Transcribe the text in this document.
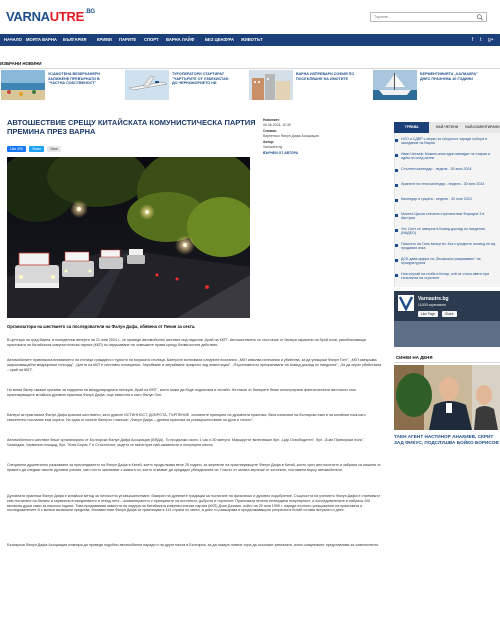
$VARNAUTRE^{.BG}$
Търсене...
НАЧАЛО МОЯТА ВАРНА БЪЛГАРИЯ	КРИМИ ПАРИТЕ СПОРТ ВАРНА ЛАЙФ	БЕЗ ЦЕНЗУРА ЖИВОТЪТ	f t g+
ИЗБРАНИ НОВИНИ
УСАМОТЕНА ВЕЗЕРКАНЕРН ЗАЛИЖЕНЕ ПРЕВЪРНАТИ В "ЧАСТНА СОБСТВЕНОСТ"
ТУРОПЕРАТОРИ СТАРТИРАТ "ЧАРТЪРИТЕ ОТ УЗБЕКИСТАН ДО ЧЕРНОМОРИЕТО НИ
ВАРНА ИЗПРЕВАРИ СОФИЯ ПО ПОСКЪПВАНЕ НА ИМОТИТЕ
БЕРМЕНТИНИЯТА „КАЛИАКРА" ДНЕС ПРАЗНУВА 40 ГОДИНИ
АВТОШЕСТВИЕ СРЕЩУ КИТАЙСКАТА КОМУНИСТИЧЕСКА ПАРТИЯ ПРЕМИНА ПРЕЗ ВАРНА
Like 20K	Share	Save
Новините
06-06-2024, 10:30
Снимка:
Варненско Фалун Дафа Асоциация
Автор:
Varnautre.bg
ВЪРНЕИ ОТ АВТОРА
Организатори на шествието са последователи на Фалун Дафа, обявена от Пекин за секта.

В центъра на град Варна, в понеделник вечерта на 21 юни 2024 г., се проведе автомобилно шествие под надслов „Край на ККП". Автошествието се състоеше от банери окрасени на брой коли, разобличаващи практиката на Китайската комунистическа партия (ККП) за нарушаване на човешките права срещу безмилостни действия.

Автомобилите привлякоха вниманието на стотици граждани и туристи на морската столица. Банерите включваха следните послания: „ККП изволва изтезания и убийства, за да унищожи Фалун Гонг", „ККП извършва широкомащабни медицински геноцид", „Целта на ККП е системно похищение. Заробване и затрийване прикрито зад инвестиции", „Пърпложеното прекратяване на Комид доклад по наедения", „За да спрат убийствата – край на ККП".

На всеки банер имаше призиви за подкрепа на международната петиция „Край на ККП", която може да бъде подписана и онлайн. На някои от банерите беше илюстрирана фантастичната жестокост към практикуващите китайска духовна практика Фалун Дафа, още известна и като Фалун Гонг.

Банери за практиката Фалун Дафа красяха шествието, като думите ИСТИННОСТ, ДОБРОТА, ТЪРПЕНИЕ, основните принципи на духовната практика, бяха изписани на български език и на китайски език като свисетелно послание към хората. На една от колите балерът гласеше: „Фалун Дафа – древна практика за усъвършенстване на духа и тялото".

Автомобилното шествие беше организирано от Българска Фалун Дафа Асоциация (БФДА). То продължи около 1 час и 30 минути. Маршрутът включваше бул. „Цар Освободител", бул. „8-ми Приморски полк", Чаталджа, Червения площад, бул. "Княз Борис I" и Стъклотосп, където се мина през най-оживените и популярни места.

Специални душевтално разказване за преследването на Фалун Дафа в Китай, което продължава вече 25 години, за жертвите на практикуващите Фалун Дафа в Китай, които чрез жестокостите и забрани са пишени от правото да следват своите духовни учения, като често запланват с живота си, които отказват да предадат убежденията си. Гласът от залата звучеше от колоните, поставени върху автомобилите.

Духовната практика Фалун Дафа е китайски метод за личностно усъвършенстване, базиран на древните традиции за постигане на физическо и духовно подобрение. Същността на учението Фалун Дафа е стремежът към постигане на баланс и хармония в ежедневието и отвъд него – асимилирането с принципите на истинност, доброта и търпение. Практиката печели нележдана популярност, а последователите в набраха 100 милиона души само за няколко години. Това предизвиква завистта на лидера на Китайската комунистическа партия (ККП) Дзян Дзъмин, който на 20 юли 1999 г. нареди пълното унищожение на практиката и последователите й с всички възможни средства. Ненавистния Фалун Дафа се практикува в 114 страни по света, а днес то разширява и продължаващите репресии в Китай остава актуален и днес.

Българска Фалун Дафа Асоциация планира да проведа подобни автомобилни паради и на други места в България, за да накара повече хора да осъзнаят заплахата, която комунизмът представлява за човечеството.

ТРЯБВА	НАЙ-ЧЕТЕНИ	НАЙ-КОМЕНТИРАНИ
НСО и СДВР с мерки за сигурност заради събора в заседание на Варна
Иван Чехъев: Можем ония един минадат не старая я идем по след силни
Стълнен календар - неделя - 30 юни 2024
Хранене по гени календар - неделя - 30 юни 2024
Календар в гущата - неделя - 30 юни 2024
Монета Цасов спечели стрелата във Формула 3 в Австрия
Уес Сонт се завърна в Комед доклад по наедения (ВИДЕО)
Пакостьт на Галъ вкочутно: Къто средните полиьд не му продавал ичка
ДСБ дава цифра на „Възможно разумаване" на прокуратурата
Нов случай на стиба в Китар, кой се стиса ивент при тичаланти на стрелите
Varnautre.bg
16,555 харесвания
Like Page	Share
СИНКИ НА ДЕНЯ
ТАЕН АГЕНТ НАСТИНОР АНАКИЕВ, СКРИТ ЗАД ФИКУС, ПОДСЛУШВА БОЙКО БОРИСОВ
